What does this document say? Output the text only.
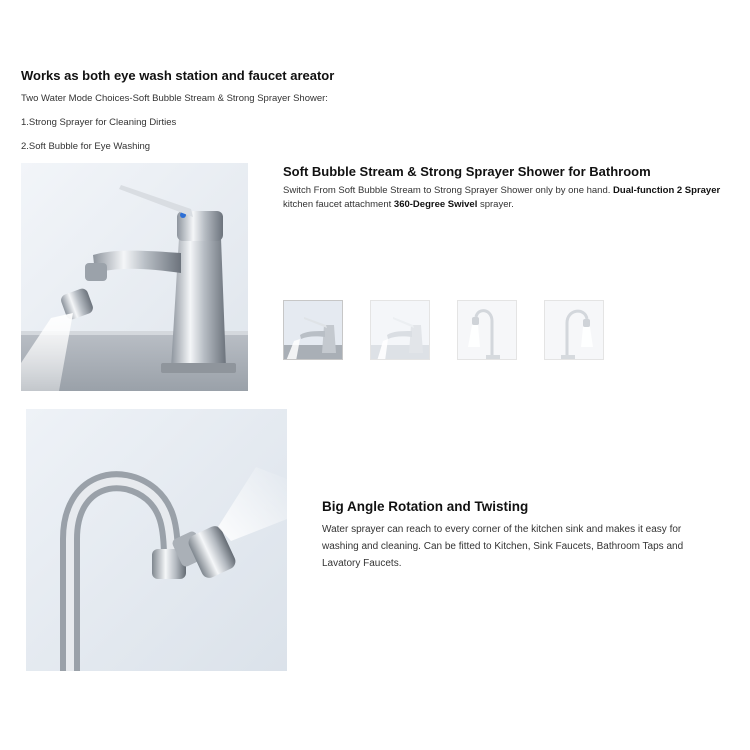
Works as both eye wash station and faucet areator
Two Water Mode Choices-Soft Bubble Stream & Strong Sprayer Shower:
1.Strong Sprayer for Cleaning Dirties
2.Soft Bubble for Eye Washing
Soft Bubble Stream & Strong Sprayer Shower for Bathroom
Switch From Soft Bubble Stream to Strong Sprayer Shower only by one hand. Dual-function 2 Sprayer kitchen faucet attachment 360-Degree Swivel sprayer.
Big Angle Rotation and Twisting
Water sprayer can reach to every corner of the kitchen sink and makes it easy for washing and cleaning. Can be fitted to Kitchen, Sink Faucets, Bathroom Taps and Lavatory Faucets.
